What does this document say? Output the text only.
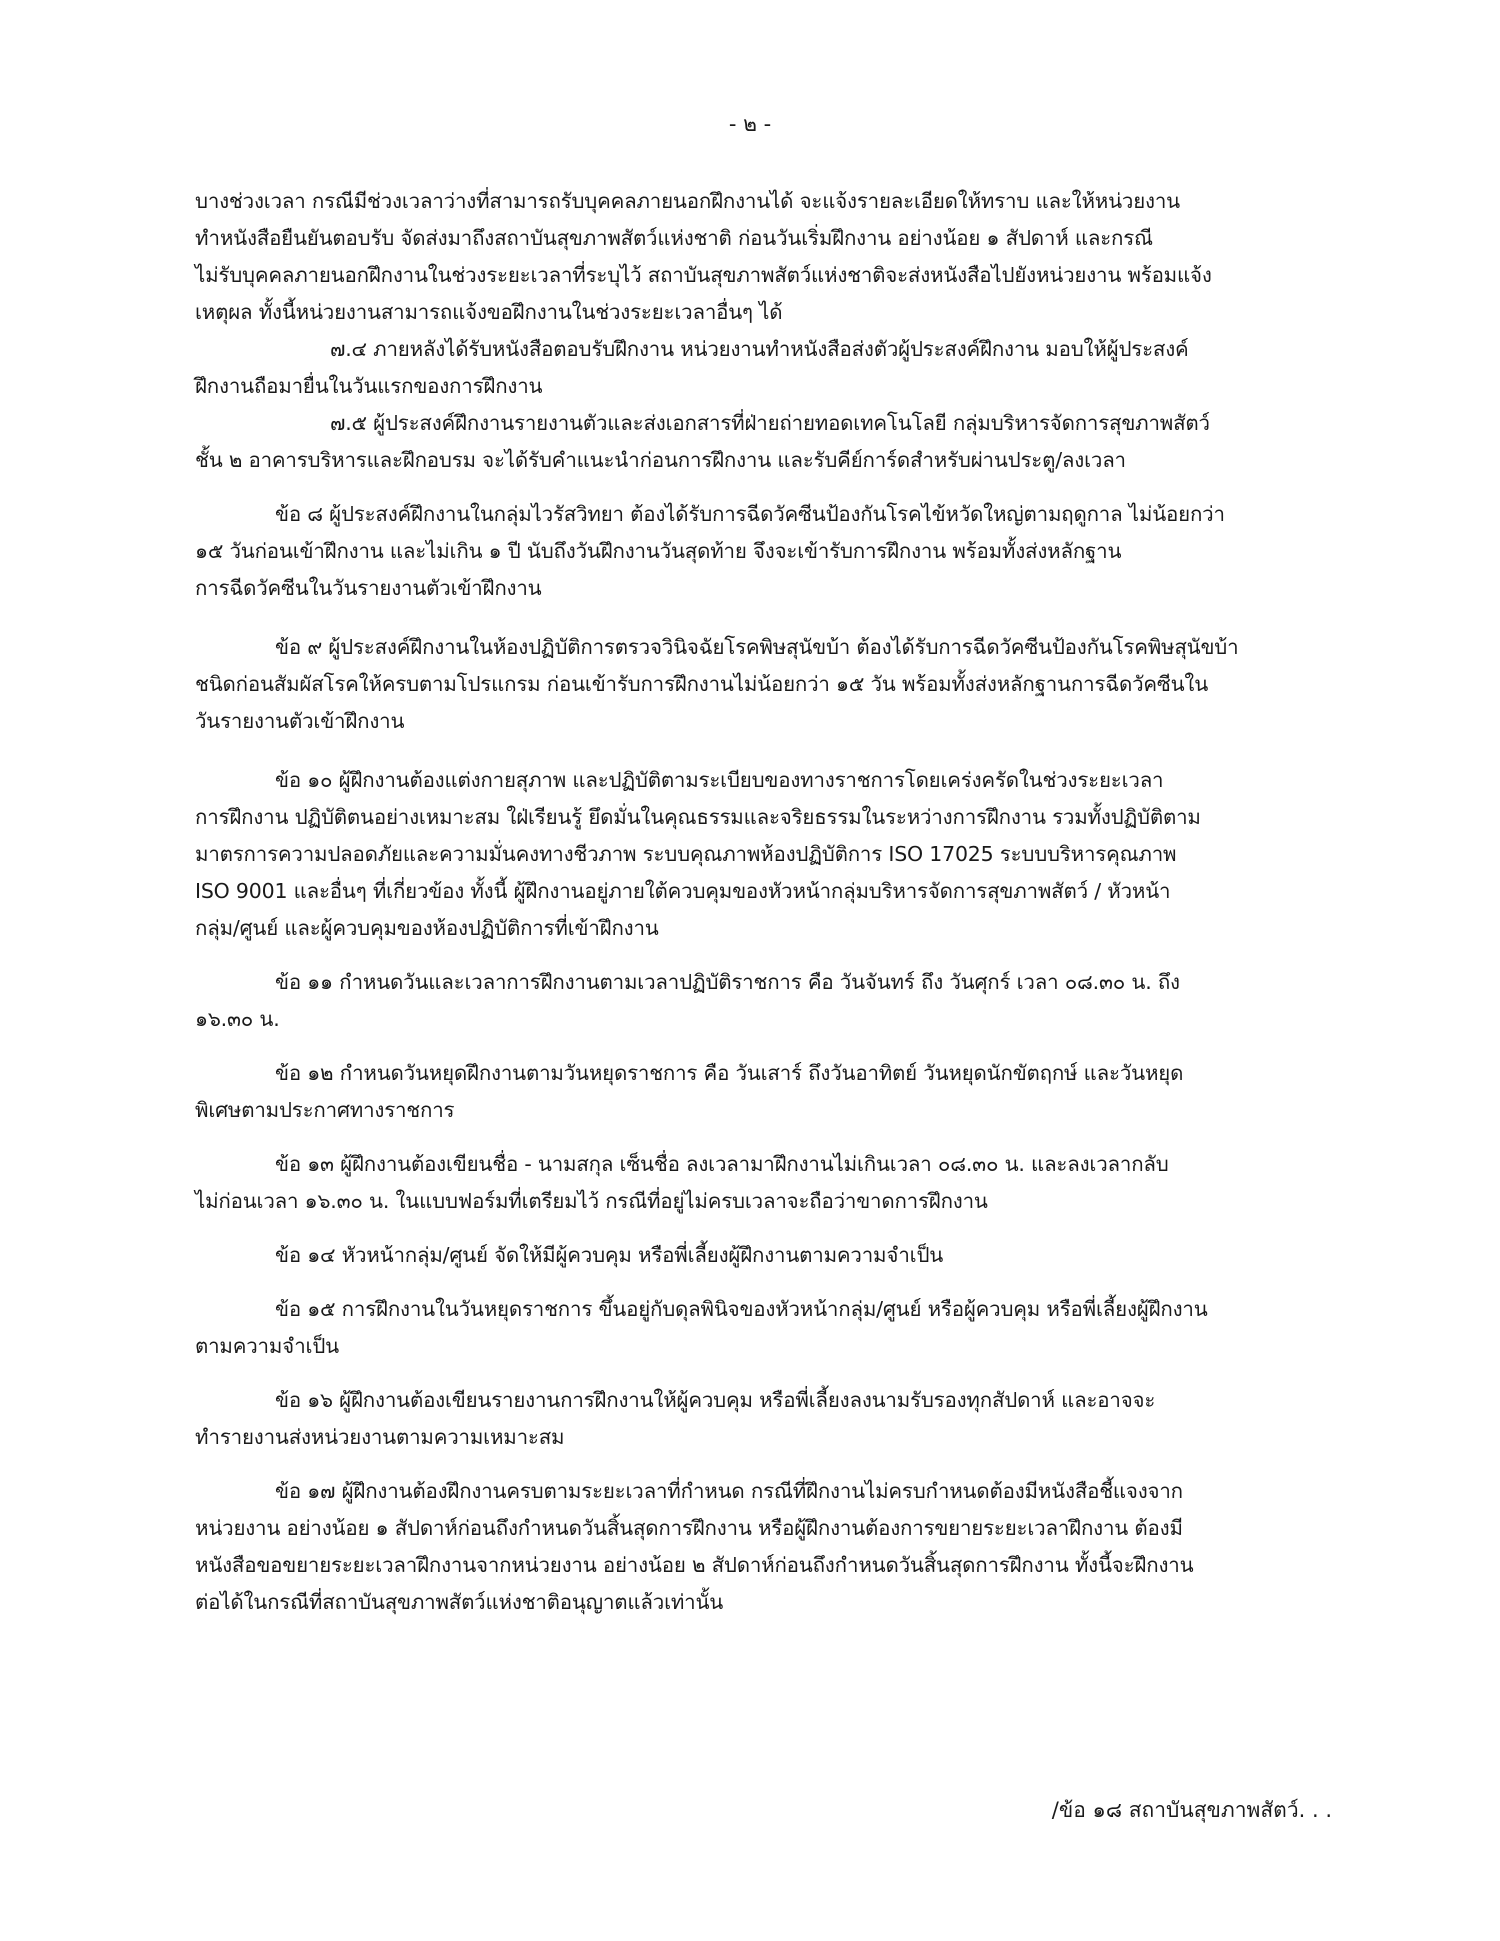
- ๒ -
บางช่วงเวลา กรณีมีช่วงเวลาว่างที่สามารถรับบุคคลภายนอกฝึกงานได้ จะแจ้งรายละเอียดให้ทราบ และให้หน่วยงาน
ทำหนังสือยืนยันตอบรับ จัดส่งมาถึงสถาบันสุขภาพสัตว์แห่งชาติ ก่อนวันเริ่มฝึกงาน อย่างน้อย ๑ สัปดาห์ และกรณี
ไม่รับบุคคลภายนอกฝึกงานในช่วงระยะเวลาที่ระบุไว้ สถาบันสุขภาพสัตว์แห่งชาติจะส่งหนังสือไปยังหน่วยงาน พร้อมแจ้ง
เหตุผล ทั้งนี้หน่วยงานสามารถแจ้งขอฝึกงานในช่วงระยะเวลาอื่นๆ ได้
๗.๔ ภายหลังได้รับหนังสือตอบรับฝึกงาน หน่วยงานทำหนังสือส่งตัวผู้ประสงค์ฝึกงาน มอบให้ผู้ประสงค์
ฝึกงานถือมายื่นในวันแรกของการฝึกงาน
๗.๕ ผู้ประสงค์ฝึกงานรายงานตัวและส่งเอกสารที่ฝ่ายถ่ายทอดเทคโนโลยี กลุ่มบริหารจัดการสุขภาพสัตว์
ชั้น ๒ อาคารบริหารและฝึกอบรม จะได้รับคำแนะนำก่อนการฝึกงาน และรับคีย์การ์ดสำหรับผ่านประตู/ลงเวลา
ข้อ ๘ ผู้ประสงค์ฝึกงานในกลุ่มไวรัสวิทยา ต้องได้รับการฉีดวัคซีนป้องกันโรคไข้หวัดใหญ่ตามฤดูกาล ไม่น้อยกว่า
๑๕ วันก่อนเข้าฝึกงาน และไม่เกิน ๑ ปี นับถึงวันฝึกงานวันสุดท้าย จึงจะเข้ารับการฝึกงาน พร้อมทั้งส่งหลักฐาน
การฉีดวัคซีนในวันรายงานตัวเข้าฝึกงาน
ข้อ ๙ ผู้ประสงค์ฝึกงานในห้องปฏิบัติการตรวจวินิจฉัยโรคพิษสุนัขบ้า ต้องได้รับการฉีดวัคซีนป้องกันโรคพิษสุนัขบ้า
ชนิดก่อนสัมผัสโรคให้ครบตามโปรแกรม ก่อนเข้ารับการฝึกงานไม่น้อยกว่า ๑๕ วัน พร้อมทั้งส่งหลักฐานการฉีดวัคซีนใน
วันรายงานตัวเข้าฝึกงาน
ข้อ ๑๐ ผู้ฝึกงานต้องแต่งกายสุภาพ และปฏิบัติตามระเบียบของทางราชการโดยเคร่งครัดในช่วงระยะเวลา
การฝึกงาน ปฏิบัติตนอย่างเหมาะสม ใฝ่เรียนรู้ ยึดมั่นในคุณธรรมและจริยธรรมในระหว่างการฝึกงาน รวมทั้งปฏิบัติตาม
มาตรการความปลอดภัยและความมั่นคงทางชีวภาพ ระบบคุณภาพห้องปฏิบัติการ ISO 17025 ระบบบริหารคุณภาพ
ISO 9001 และอื่นๆ ที่เกี่ยวข้อง ทั้งนี้ ผู้ฝึกงานอยู่ภายใต้ควบคุมของหัวหน้ากลุ่มบริหารจัดการสุขภาพสัตว์ / หัวหน้า
กลุ่ม/ศูนย์ และผู้ควบคุมของห้องปฏิบัติการที่เข้าฝึกงาน
ข้อ ๑๑ กำหนดวันและเวลาการฝึกงานตามเวลาปฏิบัติราชการ คือ วันจันทร์ ถึง วันศุกร์ เวลา ๐๘.๓๐ น. ถึง
๑๖.๓๐ น.
ข้อ ๑๒ กำหนดวันหยุดฝึกงานตามวันหยุดราชการ คือ วันเสาร์ ถึงวันอาทิตย์ วันหยุดนักขัตฤกษ์ และวันหยุด
พิเศษตามประกาศทางราชการ
ข้อ ๑๓ ผู้ฝึกงานต้องเขียนชื่อ - นามสกุล เซ็นชื่อ ลงเวลามาฝึกงานไม่เกินเวลา ๐๘.๓๐ น. และลงเวลากลับ
ไม่ก่อนเวลา ๑๖.๓๐ น. ในแบบฟอร์มที่เตรียมไว้ กรณีที่อยู่ไม่ครบเวลาจะถือว่าขาดการฝึกงาน
ข้อ ๑๔ หัวหน้ากลุ่ม/ศูนย์ จัดให้มีผู้ควบคุม หรือพี่เลี้ยงผู้ฝึกงานตามความจำเป็น
ข้อ ๑๕ การฝึกงานในวันหยุดราชการ ขึ้นอยู่กับดุลพินิจของหัวหน้ากลุ่ม/ศูนย์ หรือผู้ควบคุม หรือพี่เลี้ยงผู้ฝึกงาน
ตามความจำเป็น
ข้อ ๑๖ ผู้ฝึกงานต้องเขียนรายงานการฝึกงานให้ผู้ควบคุม หรือพี่เลี้ยงลงนามรับรองทุกสัปดาห์ และอาจจะ
ทำรายงานส่งหน่วยงานตามความเหมาะสม
ข้อ ๑๗ ผู้ฝึกงานต้องฝึกงานครบตามระยะเวลาที่กำหนด กรณีที่ฝึกงานไม่ครบกำหนดต้องมีหนังสือชี้แจงจาก
หน่วยงาน อย่างน้อย ๑ สัปดาห์ก่อนถึงกำหนดวันสิ้นสุดการฝึกงาน หรือผู้ฝึกงานต้องการขยายระยะเวลาฝึกงาน ต้องมี
หนังสือขอขยายระยะเวลาฝึกงานจากหน่วยงาน อย่างน้อย ๒ สัปดาห์ก่อนถึงกำหนดวันสิ้นสุดการฝึกงาน ทั้งนี้จะฝึกงาน
ต่อได้ในกรณีที่สถาบันสุขภาพสัตว์แห่งชาติอนุญาตแล้วเท่านั้น
/ข้อ ๑๘ สถาบันสุขภาพสัตว์. . .
